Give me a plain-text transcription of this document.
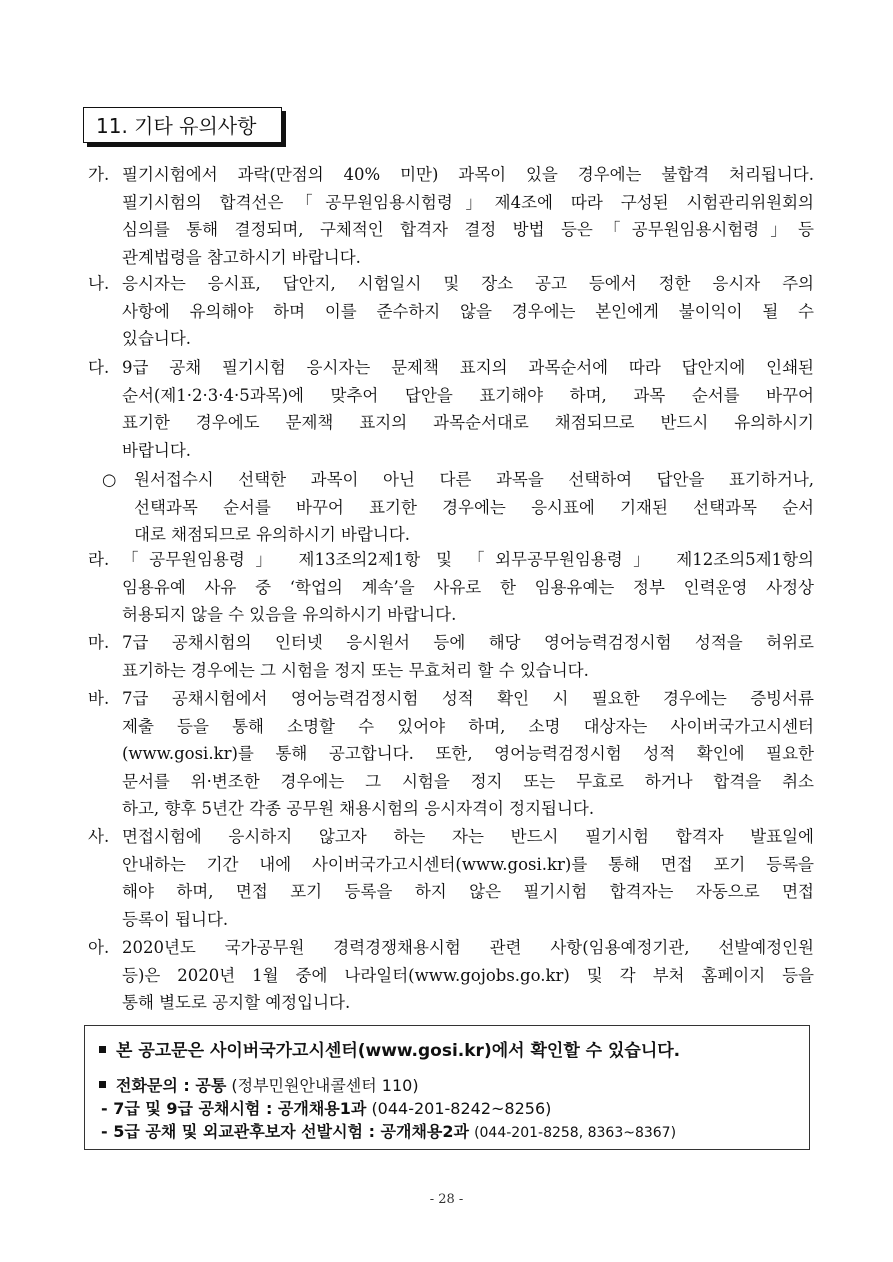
11. 기타 유의사항
가. 필기시험에서 과락(만점의 40% 미만) 과목이 있을 경우에는 불합격 처리됩니다.
필기시험의 합격선은「공무원임용시험령」제4조에 따라 구성된 시험관리위원회의
심의를 통해 결정되며, 구체적인 합격자 결정 방법 등은「공무원임용시험령」등
관계법령을 참고하시기 바랍니다.
나. 응시자는 응시표, 답안지, 시험일시 및 장소 공고 등에서 정한 응시자 주의
사항에 유의해야 하며 이를 준수하지 않을 경우에는 본인에게 불이익이 될 수
있습니다.
다. 9급 공채 필기시험 응시자는 문제책 표지의 과목순서에 따라 답안지에 인쇄된
순서(제1·2·3·4·5과목)에 맞추어 답안을 표기해야 하며, 과목 순서를 바꾸어
표기한 경우에도 문제책 표지의 과목순서대로 채점되므로 반드시 유의하시기
바랍니다.
○	원서접수시 선택한 과목이 아닌 다른 과목을 선택하여 답안을 표기하거나,
선택과목 순서를 바꾸어 표기한 경우에는 응시표에 기재된 선택과목 순서
대로 채점되므로 유의하시기 바랍니다.
라. 「공무원임용령」 제13조의2제1항 및 「외무공무원임용령」 제12조의5제1항의
임용유예 사유 중 ‘학업의 계속’을 사유로 한 임용유예는 정부 인력운영 사정상
허용되지 않을 수 있음을 유의하시기 바랍니다.
마. 7급 공채시험의 인터넷 응시원서 등에 해당 영어능력검정시험 성적을 허위로
표기하는 경우에는 그 시험을 정지 또는 무효처리 할 수 있습니다.
바. 7급 공채시험에서 영어능력검정시험 성적 확인 시 필요한 경우에는 증빙서류
제출 등을 통해 소명할 수 있어야 하며, 소명 대상자는 사이버국가고시센터
(www.gosi.kr)를 통해 공고합니다. 또한, 영어능력검정시험 성적 확인에 필요한
문서를 위·변조한 경우에는 그 시험을 정지 또는 무효로 하거나 합격을 취소
하고, 향후 5년간 각종 공무원 채용시험의 응시자격이 정지됩니다.
사. 면접시험에 응시하지 않고자 하는 자는 반드시 필기시험 합격자 발표일에
안내하는 기간 내에 사이버국가고시센터(www.gosi.kr)를 통해 면접 포기 등록을
해야 하며, 면접 포기 등록을 하지 않은 필기시험 합격자는 자동으로 면접
등록이 됩니다.
아. 2020년도 국가공무원 경력경쟁채용시험 관련 사항(임용예정기관, 선발예정인원
등)은 2020년 1월 중에 나라일터(www.gojobs.go.kr) 및 각 부처 홈페이지 등을
통해 별도로 공지할 예정입니다.
본 공고문은 사이버국가고시센터(www.gosi.kr)에서 확인할 수 있습니다.
전화문의 : 공통 (정부민원안내콜센터 110)
- 7급 및 9급 공채시험 : 공개채용1과 (044-201-8242~8256)
- 5급 공채 및 외교관후보자 선발시험 : 공개채용2과 (044-201-8258, 8363~8367)
- 28 -
